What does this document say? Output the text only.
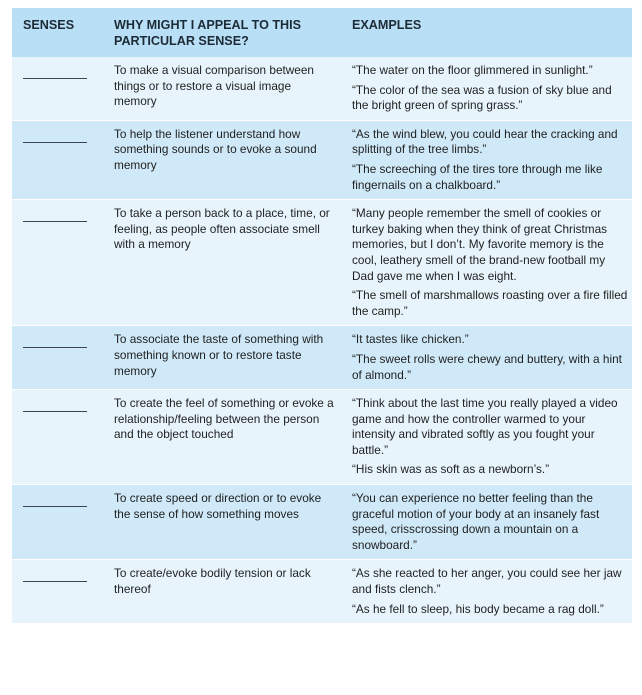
SENSES	WHY MIGHT I APPEAL TO THIS PARTICULAR SENSE?
EXAMPLES
To make a visual comparison between things or to restore a visual image memory

“The water on the floor glimmered in sunlight.”

“The color of the sea was a fusion of sky blue and the bright green of spring grass.”

To help the listener understand how something sounds or to evoke a sound memory

“As the wind blew, you could hear the cracking and splitting of the tree limbs.”

“The screeching of the tires tore through me like fingernails on a chalkboard.”

To take a person back to a place, time, or feeling, as people often associate smell with a memory

“Many people remember the smell of cookies or turkey baking when they think of great Christmas memories, but I don’t. My favorite memory is the cool, leathery smell of the brand-new football my Dad gave me when I was eight.

“The smell of marshmallows roasting over a fire filled the camp.”

To associate the taste of something with something known or to restore taste memory

“It tastes like chicken.”

“The sweet rolls were chewy and buttery, with a hint of almond.”

To create the feel of something or evoke a relationship/feeling between the person and the object touched

“Think about the last time you really played a video game and how the controller warmed to your intensity and vibrated softly as you fought your battle.”

“His skin was as soft as a newborn’s.”

To create speed or direction or to evoke the sense of how something moves

“You can experience no better feeling than the graceful motion of your body at an insanely fast speed, crisscrossing down a mountain on a snowboard.”

To create/evoke bodily tension or lack thereof

“As she reacted to her anger, you could see her jaw and fists clench.”

“As he fell to sleep, his body became a rag doll.”
